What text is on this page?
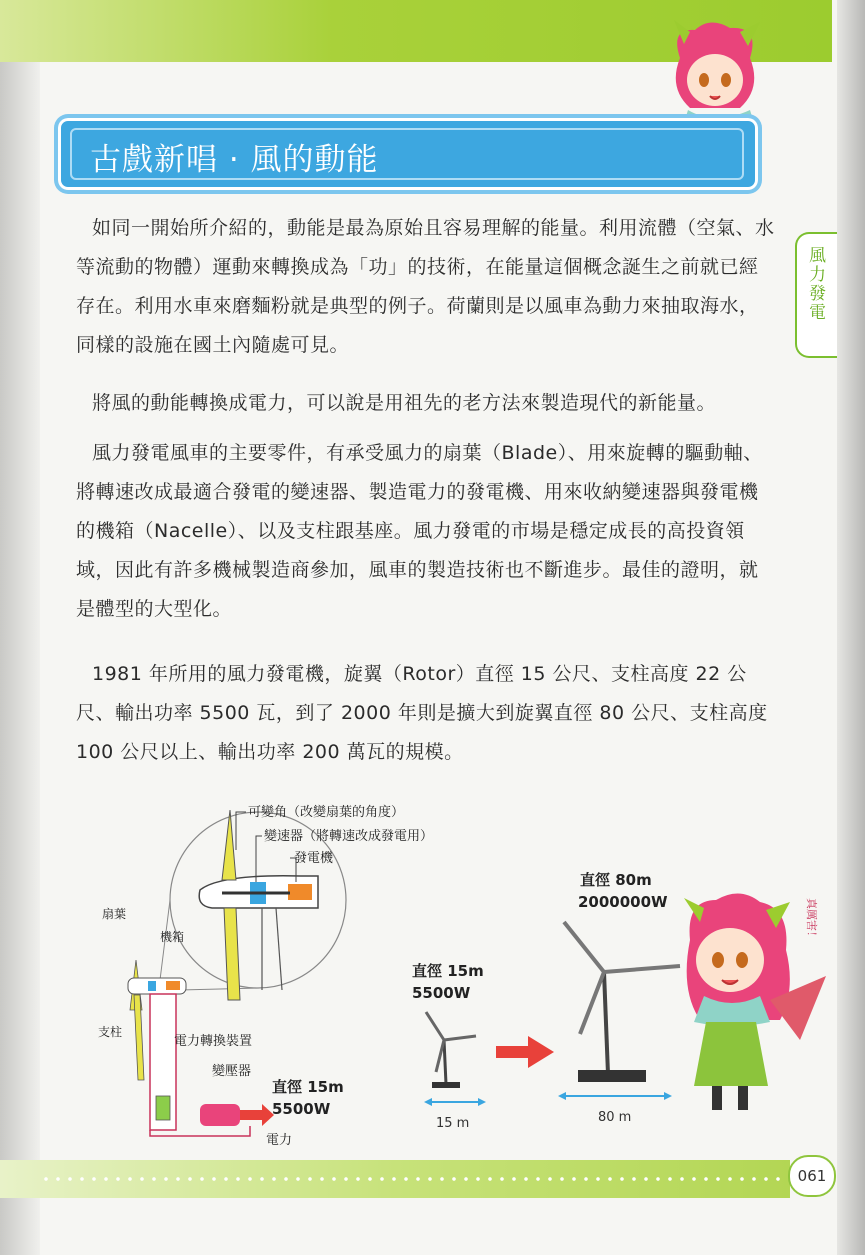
古戲新唱 · 風的動能
風力發電
如同一開始所介紹的，動能是最為原始且容易理解的能量。利用流體（空氣、水等流動的物體）運動來轉換成為「功」的技術，在能量這個概念誕生之前就已經存在。利用水車來磨麵粉就是典型的例子。荷蘭則是以風車為動力來抽取海水，同樣的設施在國土內隨處可見。
將風的動能轉換成電力，可以說是用祖先的老方法來製造現代的新能量。
風力發電風車的主要零件，有承受風力的扇葉（Blade）、用來旋轉的驅動軸、將轉速改成最適合發電的變速器、製造電力的發電機、用來收納變速器與發電機的機箱（Nacelle）、以及支柱跟基座。風力發電的市場是穩定成長的高投資領域，因此有許多機械製造商參加，風車的製造技術也不斷進步。最佳的證明，就是體型的大型化。
1981 年所用的風力發電機，旋翼（Rotor）直徑 15 公尺、支柱高度 22 公尺、輸出功率 5500 瓦，到了 2000 年則是擴大到旋翼直徑 80 公尺、支柱高度 100 公尺以上、輸出功率 200 萬瓦的規模。
可變角（改變扇葉的角度）
變速器（將轉速改成發電用）
發電機
扇葉
機箱
支柱
電力轉換裝置
變壓器
直徑 15m
5500W
電力
直徑 15m
5500W
15 m
直徑 80m
2000000W
80 m
真厲害！
061
